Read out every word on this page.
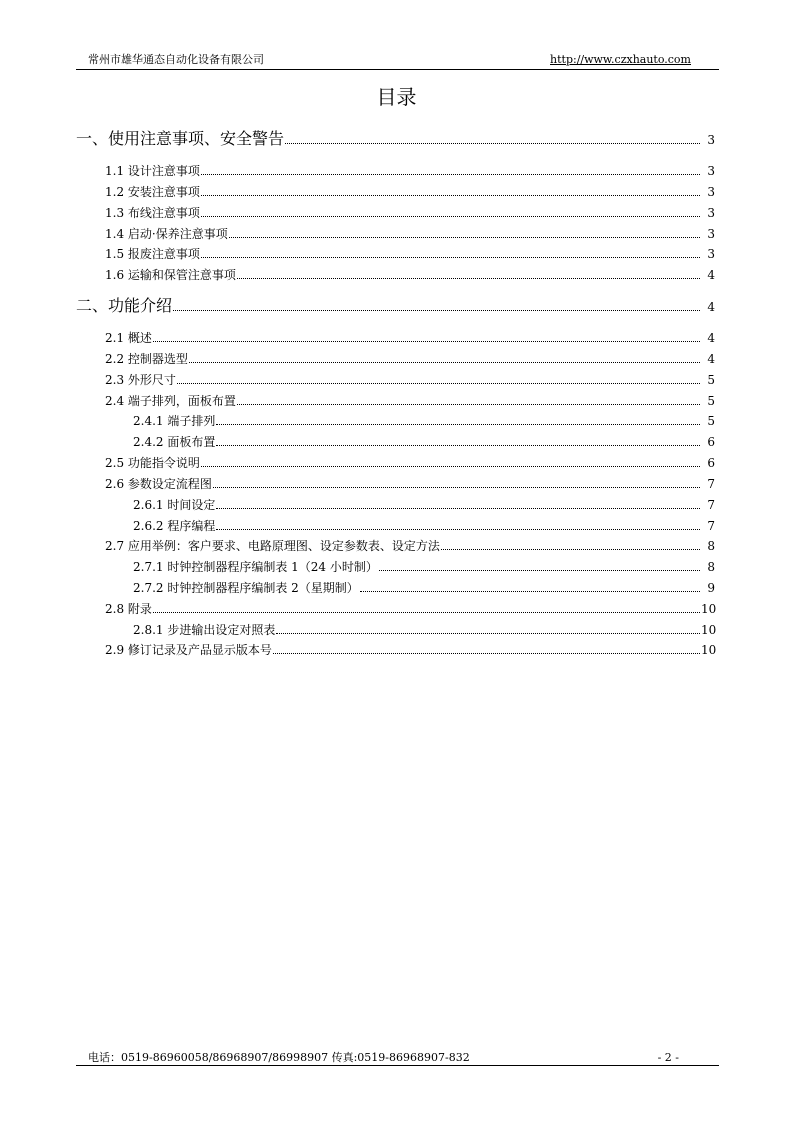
常州市雄华通态自动化设备有限公司	http://www.czxhauto.com
目录
一、使用注意事项、安全警告	3
1.1 设计注意事项	3
1.2 安装注意事项	3
1.3 布线注意事项	3
1.4 启动·保养注意事项	3
1.5 报废注意事项	3
1.6 运输和保管注意事项	4
二、功能介绍	4
2.1 概述	4
2.2 控制器选型	4
2.3 外形尺寸	5
2.4 端子排列，面板布置	5
2.4.1 端子排列	5
2.4.2 面板布置	6
2.5 功能指令说明	6
2.6 参数设定流程图	7
2.6.1 时间设定	7
2.6.2 程序编程	7
2.7 应用举例：客户要求、电路原理图、设定参数表、设定方法	8
2.7.1 时钟控制器程序编制表 1（24 小时制）	8
2.7.2 时钟控制器程序编制表 2（星期制）	9
2.8 附录	10
2.8.1 步进输出设定对照表	10
2.9 修订记录及产品显示版本号	10
电话：0519-86960058/86968907/86998907 传真:0519-86968907-832	- 2 -
